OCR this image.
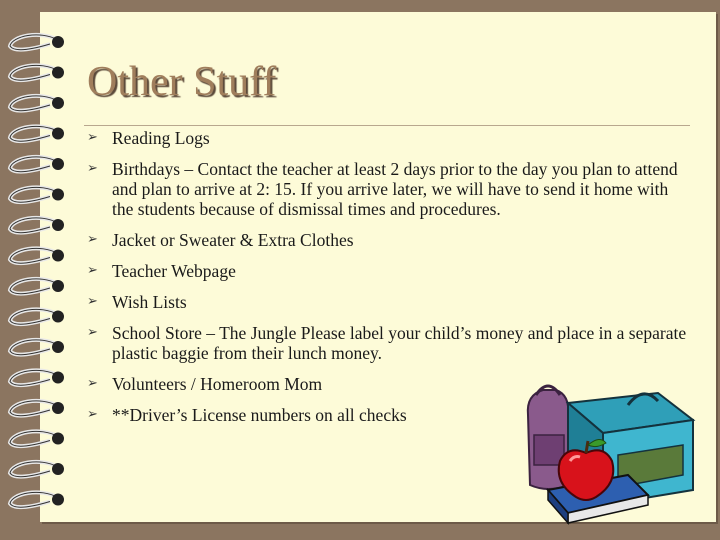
Other Stuff
➢ Reading Logs
➢ Birthdays – Contact the teacher at least 2 days prior to the day you plan to attend and plan to arrive at 2: 15. If you arrive later, we will have to send it home with the students because of dismissal times and procedures.
➢ Jacket or Sweater & Extra Clothes
➢ Teacher Webpage
➢ Wish Lists
➢ School Store – The Jungle Please label your child’s money and place in a separate plastic baggie from their lunch money.
➢ Volunteers / Homeroom Mom
➢ **Driver’s License numbers on all checks
